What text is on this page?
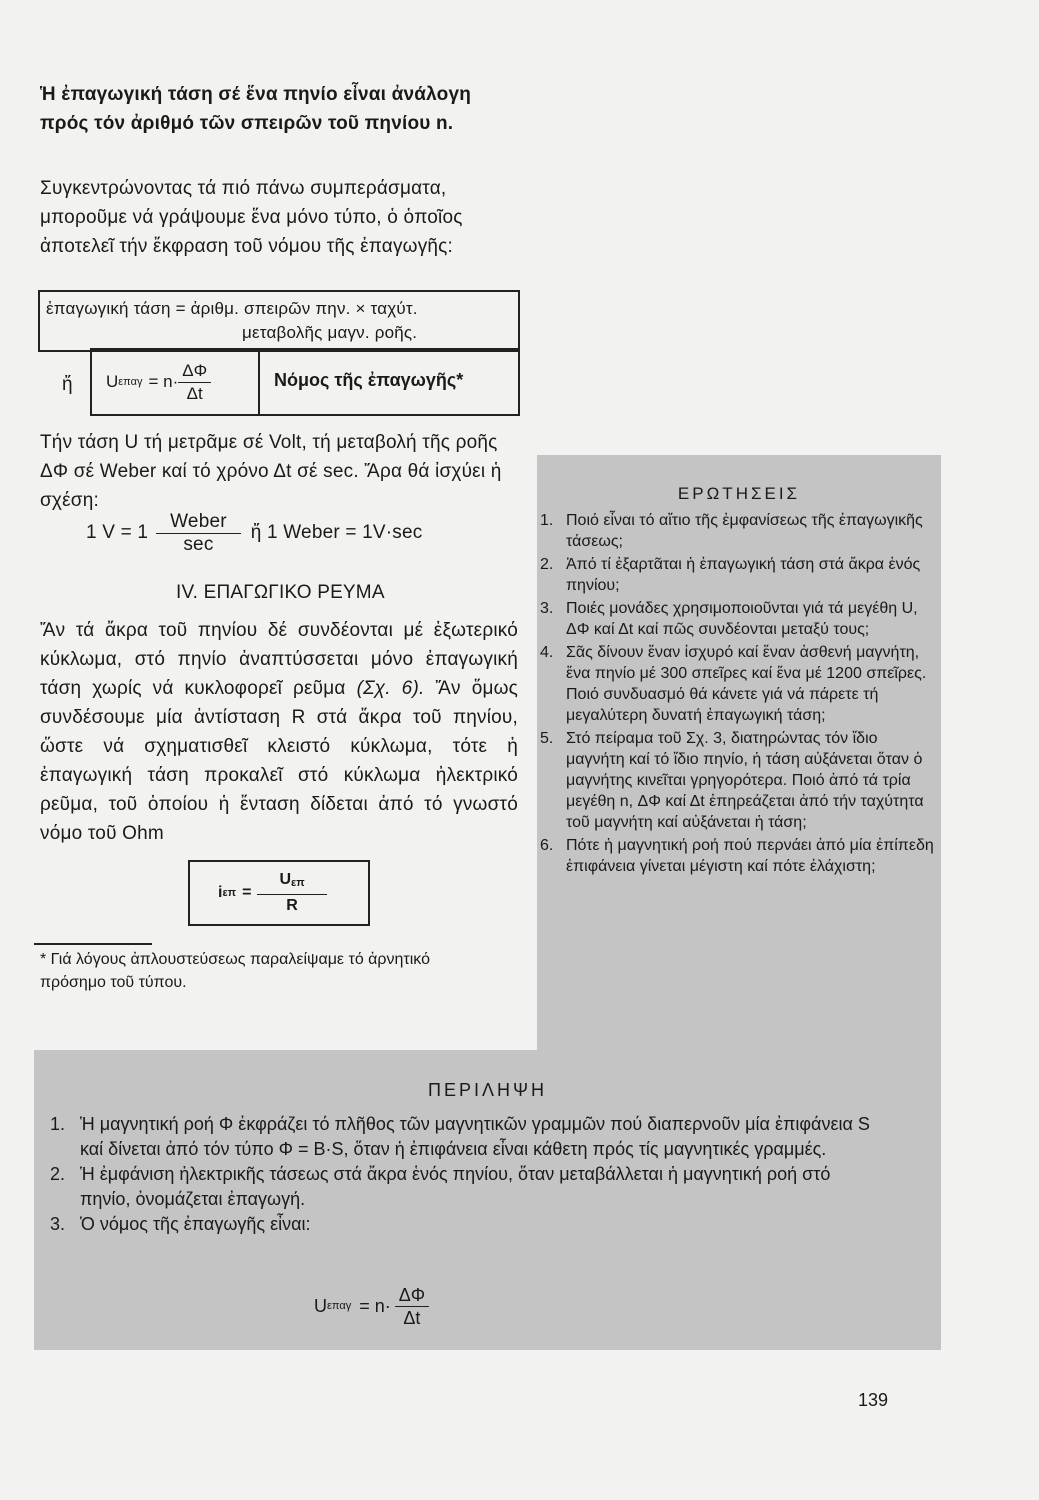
Ἡ ἐπαγωγική τάση σέ ἕνα πηνίο εἶναι ἀνάλογη πρός τόν ἀριθμό τῶν σπειρῶν τοῦ πηνίου n.
Συγκεντρώνοντας τά πιό πάνω συμπεράσματα, μποροῦμε νά γράψουμε ἕνα μόνο τύπο, ὁ ὁποῖος ἀποτελεῖ τήν ἔκφραση τοῦ νόμου τῆς ἐπαγωγῆς:
ἐπαγωγική τάση = ἀριθμ. σπειρῶν πην. × ταχύτ.
μεταβολῆς μαγν. ροῆς.
ἤ U $\varepsilon\pi\alpha\gamma = n\cdot \frac{\Delta\Phi}{\Delta t}$	Νόμος τῆς ἐπαγωγῆς*
Τήν τάση U τή μετρᾶμε σέ Volt, τή μεταβολή τῆς ροῆς ΔΦ σέ Weber καί τό χρόνο Δt σέ sec. Ἄρα θά ἰσχύει ἡ σχέση:
1 $V = 1 \frac{\text{Weber}}{\sec}$ ἤ 1 Weber = 1V·sec
IV. ΕΠΑΓΩΓΙΚΟ ΡΕΥΜΑ
Ἄν τά ἄκρα τοῦ πηνίου δέ συνδέονται μέ ἐξωτερικό κύκλωμα, στό πηνίο ἀναπτύσσεται μόνο ἐπαγωγική τάση χωρίς νά κυκλοφορεῖ ρεῦμα (Σχ. 6). Ἄν ὅμως συνδέσουμε μία ἀντίσταση R στά ἄκρα τοῦ πηνίου, ὥστε νά σχηματισθεῖ κλειστό κύκλωμα, τότε ἡ ἐπαγωγική τάση προκαλεῖ στό κύκλωμα ἠλεκτρικό ρεῦμα, τοῦ ὁποίου ἡ ἔνταση δίδεται ἀπό τό γνωστό νόμο τοῦ Ohm
i $\varepsilon\pi = \frac{U_{\varepsilon\pi}}{R}$
* Γιά λόγους ἀπλουστεύσεως παραλείψαμε τό ἀρνητικό πρόσημο τοῦ τύπου.
ΕΡΩΤΗΣΕΙΣ
1. Ποιό εἶναι τό αἴτιο τῆς ἐμφανίσεως τῆς ἐπαγωγικῆς τάσεως;
2. Ἀπό τί ἐξαρτᾶται ἡ ἐπαγωγική τάση στά ἄκρα ἑνός πηνίου;
3. Ποιές μονάδες χρησιμοποιοῦνται γιά τά μεγέθη U, ΔΦ καί Δt καί πῶς συνδέονται μεταξύ τους;
4. Σᾶς δίνουν ἕναν ἰσχυρό καί ἕναν ἀσθενή μαγνήτη, ἕνα πηνίο μέ 300 σπεῖρες καί ἕνα μέ 1200 σπεῖρες. Ποιό συνδυασμό θά κάνετε γιά νά πάρετε τή μεγαλύτερη δυνατή ἐπαγωγική τάση;
5. Στό πείραμα τοῦ Σχ. 3, διατηρώντας τόν ἴδιο μαγνήτη καί τό ἴδιο πηνίο, ἡ τάση αὐξάνεται ὅταν ὁ μαγνήτης κινεῖται γρηγορότερα. Ποιό ἀπό τά τρία μεγέθη n, ΔΦ καί Δt ἐπηρεάζεται ἀπό τήν ταχύτητα τοῦ μαγνήτη καί αὐξάνεται ἡ τάση;
6. Πότε ἡ μαγνητική ροή πού περνάει ἀπό μία ἐπίπεδη ἐπιφάνεια γίνεται μέγιστη καί πότε ἐλάχιστη;
ΠΕΡΙΛΗΨΗ
1. Ἡ μαγνητική ροή Φ ἐκφράζει τό πλῆθος τῶν μαγνητικῶν γραμμῶν πού διαπερνοῦν μία ἐπιφάνεια S καί δίνεται ἀπό τόν τύπο Φ = B·S, ὅταν ἡ ἐπιφάνεια εἶναι κάθετη πρός τίς μαγνητικές γραμμές.
2. Ἡ ἐμφάνιση ἠλεκτρικῆς τάσεως στά ἄκρα ἑνός πηνίου, ὅταν μεταβάλλεται ἡ μαγνητική ροή στό πηνίο, ὀνομάζεται ἐπαγωγή.
3. Ὁ νόμος τῆς ἐπαγωγῆς εἶναι:
U $\varepsilon\pi\alpha\gamma = n\cdot \frac{\Delta\Phi}{\Delta t}$
139
